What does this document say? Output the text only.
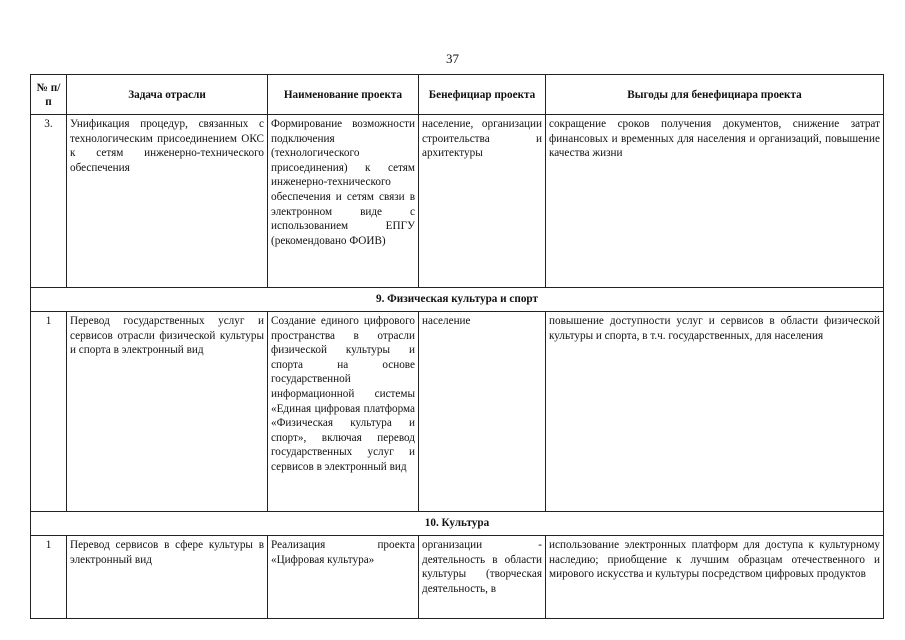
37
№ п/п	Задача отрасли	Наименование проекта	Бенефициар проекта	Выгоды для бенефициара проекта
3.	Унификация процедур, связанных с технологическим присоединением ОКС к сетям инженерно-технического обеспечения	Формирование возможности подключения (технологического присоединения) к сетям инженерно-технического обеспечения и сетям связи в электронном виде с использованием ЕПГУ (рекомендовано ФОИВ)	население, организации строительства и архитектуры	сокращение сроков получения документов, снижение затрат финансовых и временных для населения и организаций, повышение качества жизни
9. Физическая культура и спорт				
1	Перевод государственных услуг и сервисов отрасли физической культуры и спорта в электронный вид	Создание единого цифрового пространства в отрасли физической культуры и спорта на основе государственной информационной системы «Единая цифровая платформа «Физическая культура и спорт», включая перевод государственных услуг и сервисов в электронный вид	население	повышение доступности услуг и сервисов в области физической культуры и спорта, в т.ч. государственных, для населения
10. Культура				
1	Перевод сервисов в сфере культуры в электронный вид	Реализация проекта «Цифровая культура»	организации - деятельность в области культуры (творческая деятельность, в	использование электронных платформ для доступа к культурному наследию; приобщение к лучшим образцам отечественного и мирового искусства и культуры посредством цифровых продуктов
